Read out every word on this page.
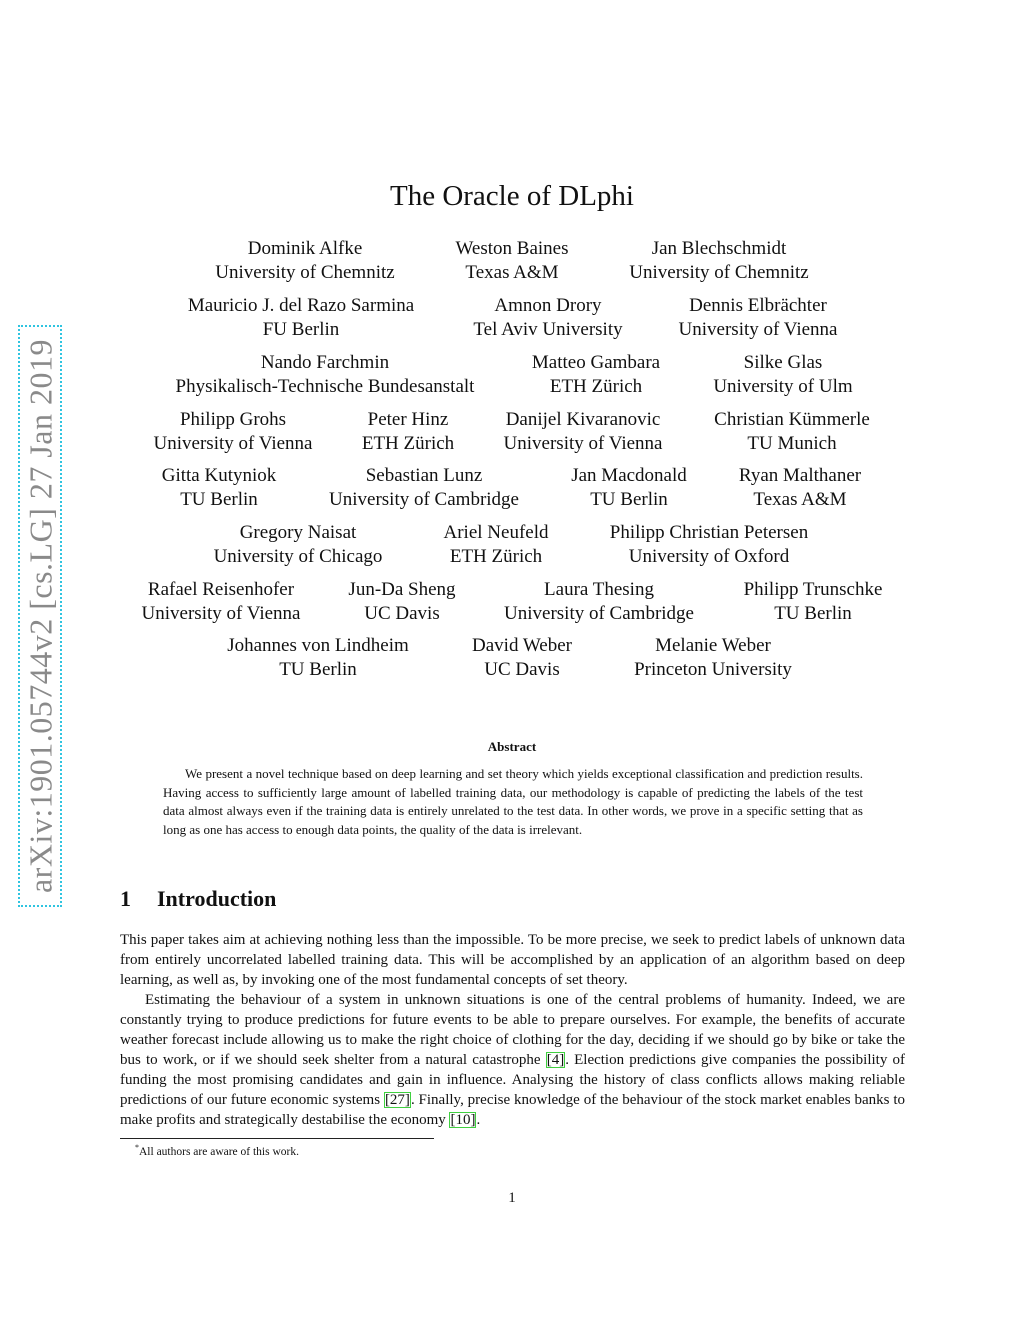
arXiv:1901.05744v2 [cs.LG] 27 Jan 2019
The Oracle of DLphi
Dominik Alfke
University of Chemnitz
Weston Baines
Texas A&M
Jan Blechschmidt
University of Chemnitz
Mauricio J. del Razo Sarmina
FU Berlin
Amnon Drory
Tel Aviv University
Dennis Elbrächter
University of Vienna
Nando Farchmin
Physikalisch-Technische Bundesanstalt
Matteo Gambara
ETH Zürich
Silke Glas
University of Ulm
Philipp Grohs
University of Vienna
Peter Hinz
ETH Zürich
Danijel Kivaranovic
University of Vienna
Christian Kümmerle
TU Munich
Gitta Kutyniok
TU Berlin
Sebastian Lunz
University of Cambridge
Jan Macdonald
TU Berlin
Ryan Malthaner
Texas A&M
Gregory Naisat
University of Chicago
Ariel Neufeld
ETH Zürich
Philipp Christian Petersen
University of Oxford
Rafael Reisenhofer
University of Vienna
Jun-Da Sheng
UC Davis
Laura Thesing
University of Cambridge
Philipp Trunschke
TU Berlin
Johannes von Lindheim
TU Berlin
David Weber
UC Davis
Melanie Weber
Princeton University
Abstract
We present a novel technique based on deep learning and set theory which yields exceptional classification and prediction results. Having access to sufficiently large amount of labelled training data, our methodology is capable of predicting the labels of the test data almost always even if the training data is entirely unrelated to the test data. In other words, we prove in a specific setting that as long as one has access to enough data points, the quality of the data is irrelevant.
1 Introduction

This paper takes aim at achieving nothing less than the impossible. To be more precise, we seek to predict labels of unknown data from entirely uncorrelated labelled training data. This will be accomplished by an application of an algorithm based on deep learning, as well as, by invoking one of the most fundamental concepts of set theory.

Estimating the behaviour of a system in unknown situations is one of the central problems of humanity. Indeed, we are constantly trying to produce predictions for future events to be able to prepare ourselves. For example, the benefits of accurate weather forecast include allowing us to make the right choice of clothing for the day, deciding if we should go by bike or take the bus to work, or if we should seek shelter from a natural catastrophe [4]. Election predictions give companies the possibility of funding the most promising candidates and gain in influence. Analysing the history of class conflicts allows making reliable predictions of our future economic systems [27]. Finally, precise knowledge of the behaviour of the stock market enables banks to make profits and strategically destabilise the economy [10].

*All authors are aware of this work.
1
